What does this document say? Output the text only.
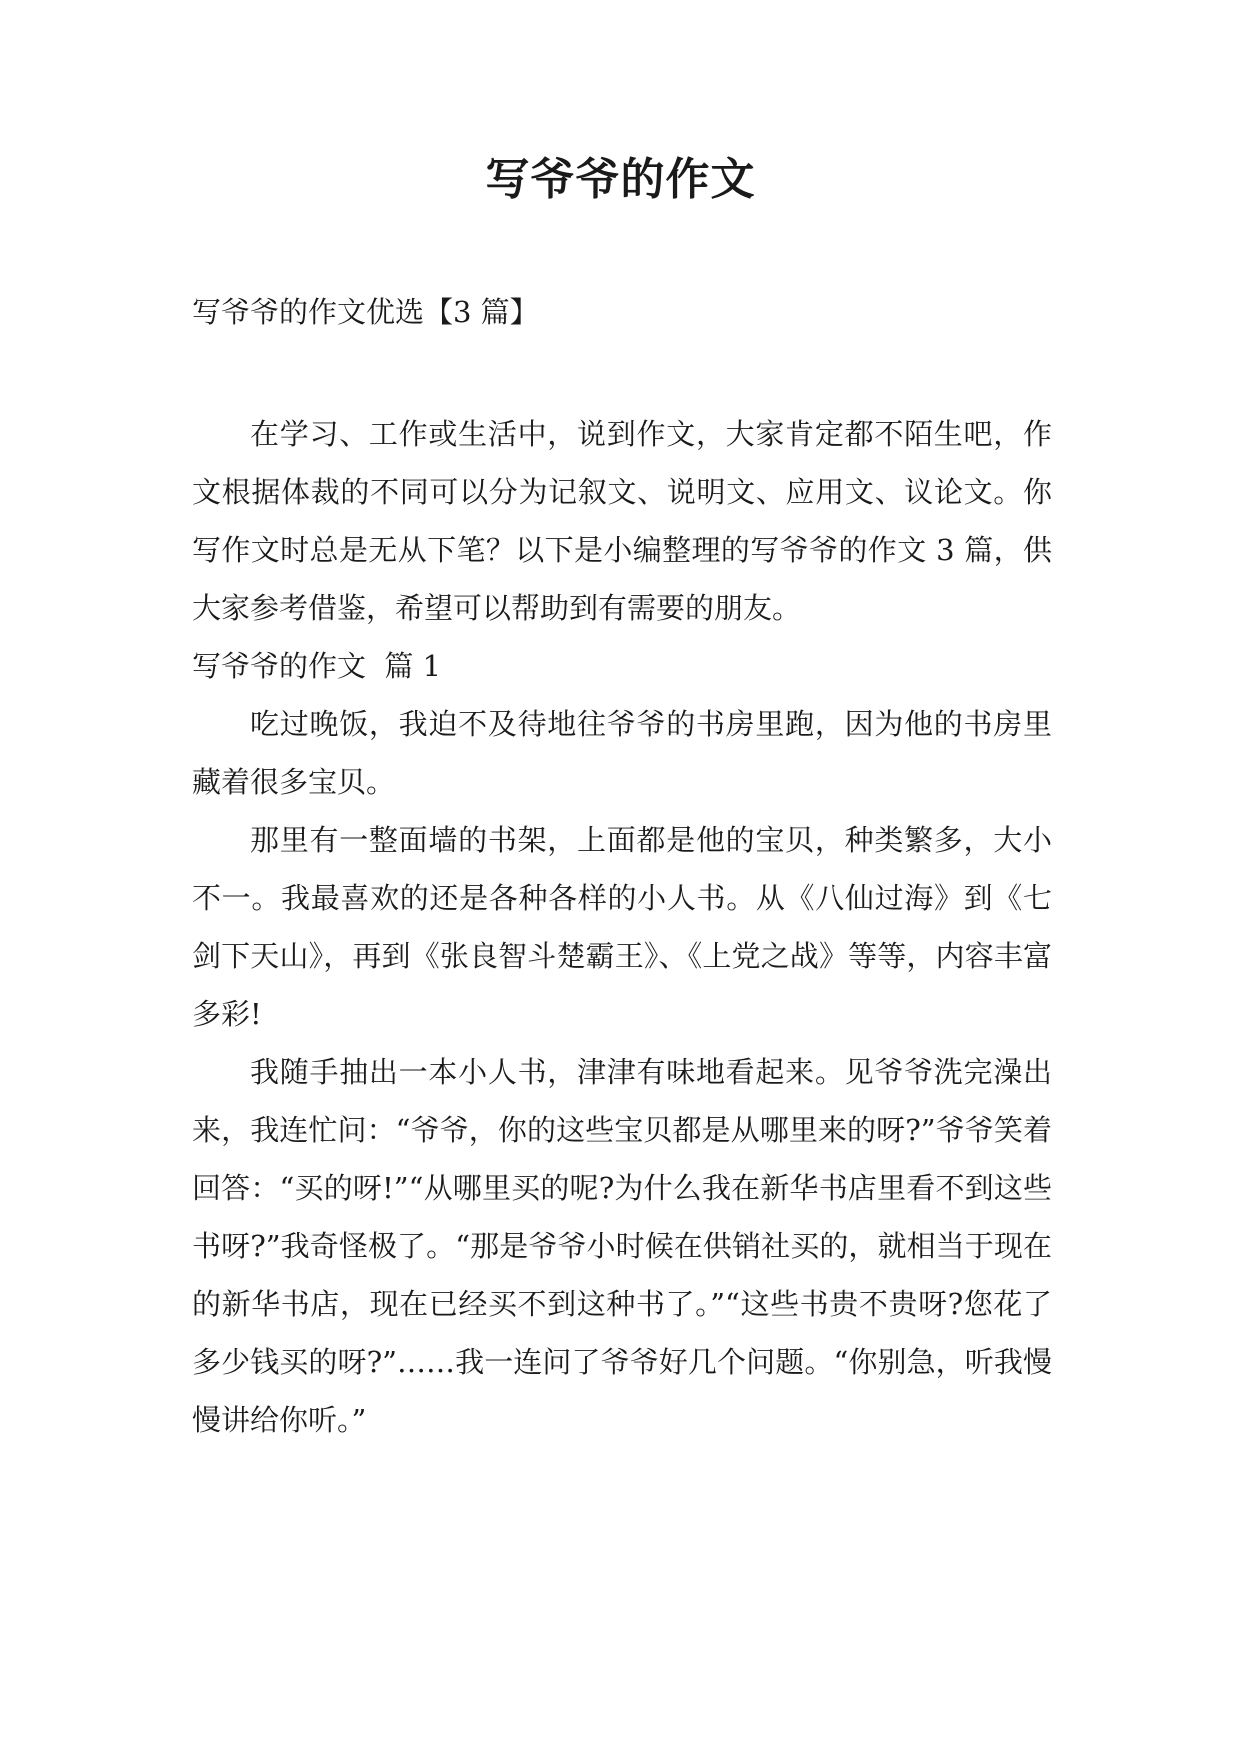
写爷爷的作文
写爷爷的作文优选【3 篇】

在学习、工作或生活中，说到作文，大家肯定都不陌生吧，作文根据体裁的不同可以分为记叙文、说明文、应用文、议论文。你写作文时总是无从下笔？以下是小编整理的写爷爷的作文 3 篇，供大家参考借鉴，希望可以帮助到有需要的朋友。

写爷爷的作文  篇 1

吃过晚饭，我迫不及待地往爷爷的书房里跑，因为他的书房里藏着很多宝贝。

那里有一整面墙的书架，上面都是他的宝贝，种类繁多，大小不一。我最喜欢的还是各种各样的小人书。从《八仙过海》到《七剑下天山》，再到《张良智斗楚霸王》、《上党之战》等等，内容丰富多彩!

我随手抽出一本小人书，津津有味地看起来。见爷爷洗完澡出来，我连忙问：“爷爷，你的这些宝贝都是从哪里来的呀?”爷爷笑着回答：“买的呀!”“从哪里买的呢?为什么我在新华书店里看不到这些书呀?”我奇怪极了。“那是爷爷小时候在供销社买的，就相当于现在的新华书店，现在已经买不到这种书了。”“这些书贵不贵呀?您花了多少钱买的呀?”……我一连问了爷爷好几个问题。“你别急，听我慢慢讲给你听。”
